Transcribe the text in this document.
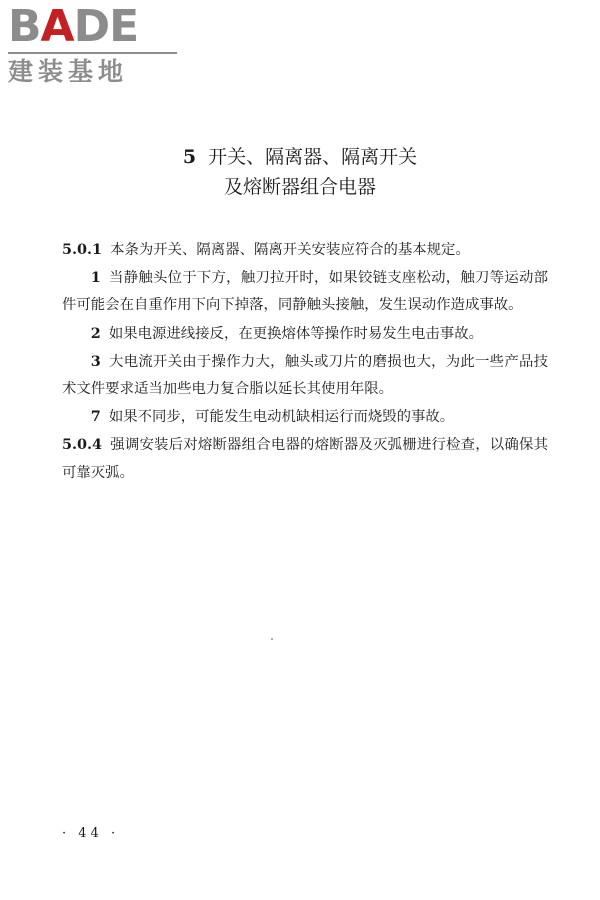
BADE
建装基地
5 开关、隔离器、隔离开关
及熔断器组合电器

5.0.1 本条为开关、隔离器、隔离开关安装应符合的基本规定。

1 当静触头位于下方，触刀拉开时，如果铰链支座松动，触刀等运动部件可能会在自重作用下向下掉落，同静触头接触，发生误动作造成事故。

2 如果电源进线接反，在更换熔体等操作时易发生电击事故。

3 大电流开关由于操作力大，触头或刀片的磨损也大，为此一些产品技术文件要求适当加些电力复合脂以延长其使用年限。

7 如果不同步，可能发生电动机缺相运行而烧毁的事故。

5.0.4 强调安装后对熔断器组合电器的熔断器及灭弧栅进行检查，以确保其可靠灭弧。

· 44 ·
